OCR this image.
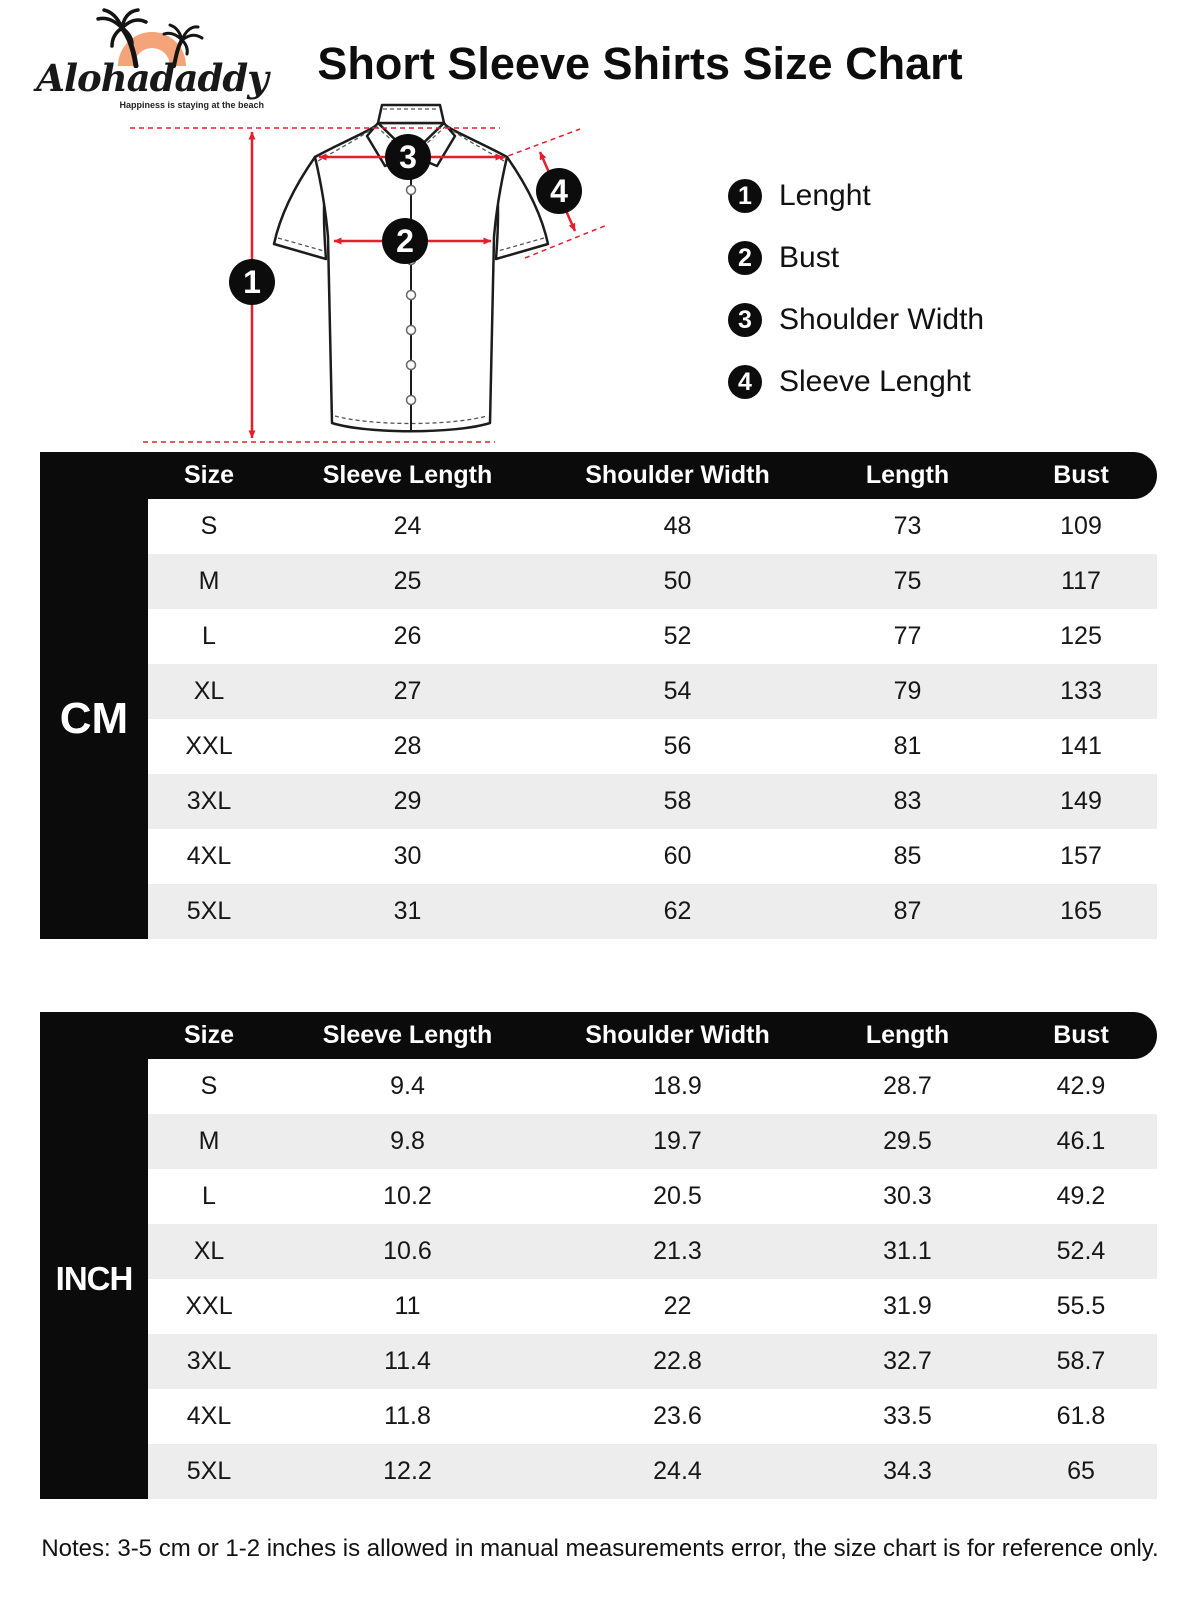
Alohadaddy
Happiness is staying at the beach
Short Sleeve Shirts Size Chart
1
2
3
4	1 Lenght
2 Bust
3 Shoulder Width
4 Sleeve Lenght
Size	Sleeve Length	Shoulder Width	Length	Bust
CM
S	24	48	73	109
M	25	50	75	117
L	26	52	77	125
XL	27	54	79	133
XXL	28	56	81	141
3XL	29	58	83	149
4XL	30	60	85	157
5XL	31	62	87	165
Size	Sleeve Length	Shoulder Width	Length	Bust
INCH
S	9.4	18.9	28.7	42.9
M	9.8	19.7	29.5	46.1
L	10.2	20.5	30.3	49.2
XL	10.6	21.3	31.1	52.4
XXL	11	22	31.9	55.5
3XL	11.4	22.8	32.7	58.7
4XL	11.8	23.6	33.5	61.8
5XL	12.2	24.4	34.3	65

Notes: 3-5 cm or 1-2 inches is allowed in manual measurements error, the size chart is for reference only.
